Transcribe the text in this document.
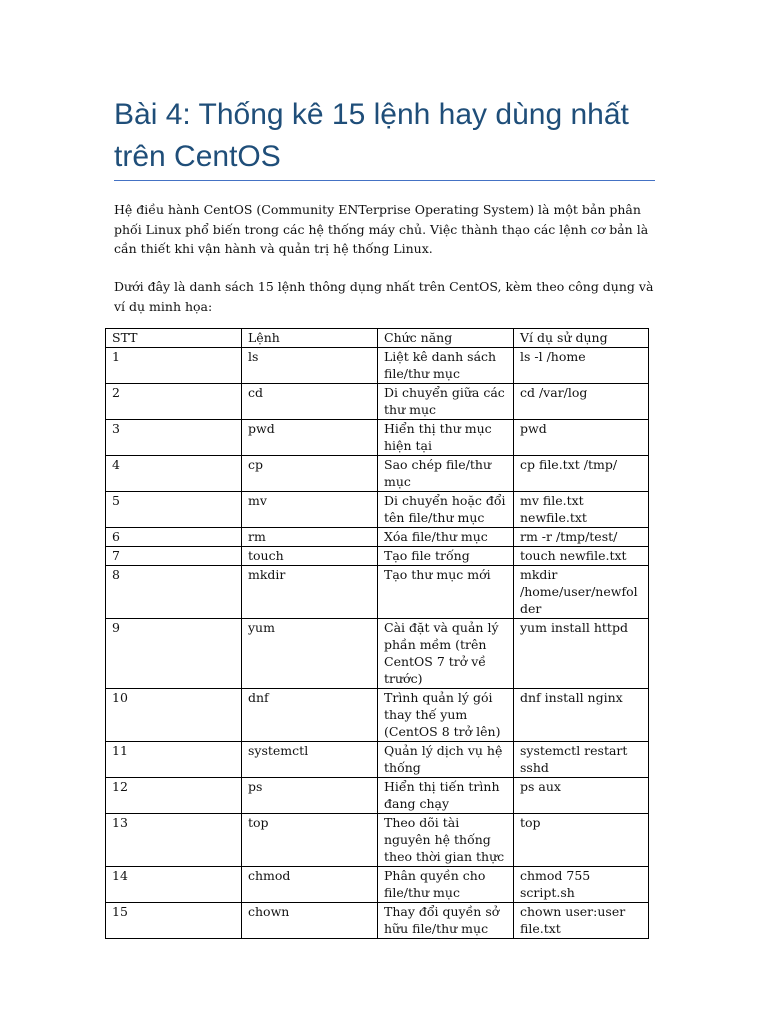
Bài 4: Thống kê 15 lệnh hay dùng nhất trên CentOS

Hệ điều hành CentOS (Community ENTerprise Operating System) là một bản phân phối Linux phổ biến trong các hệ thống máy chủ. Việc thành thạo các lệnh cơ bản là cần thiết khi vận hành và quản trị hệ thống Linux.

Dưới đây là danh sách 15 lệnh thông dụng nhất trên CentOS, kèm theo công dụng và ví dụ minh họa:

STT	Lệnh	Chức năng	Ví dụ sử dụng
1	ls	Liệt kê danh sách file/thư mục	ls -l /home
2	cd	Di chuyển giữa các thư mục	cd /var/log
3	pwd	Hiển thị thư mục hiện tại	pwd
4	cp	Sao chép file/thư mục	cp file.txt /tmp/
5	mv	Di chuyển hoặc đổi tên file/thư mục	mv file.txt newfile.txt
6	rm	Xóa file/thư mục	rm -r /tmp/test/
7	touch	Tạo file trống	touch newfile.txt
8	mkdir	Tạo thư mục mới	mkdir /home/user/newfolder
9	yum	Cài đặt và quản lý phần mềm (trên CentOS 7 trở về trước)	yum install httpd
10	dnf	Trình quản lý gói thay thế yum (CentOS 8 trở lên)	dnf install nginx
11	systemctl	Quản lý dịch vụ hệ thống	systemctl restart sshd
12	ps	Hiển thị tiến trình đang chạy	ps aux
13	top	Theo dõi tài nguyên hệ thống theo thời gian thực	top
14	chmod	Phân quyền cho file/thư mục	chmod 755 script.sh
15	chown	Thay đổi quyền sở hữu file/thư mục	chown user:user file.txt
